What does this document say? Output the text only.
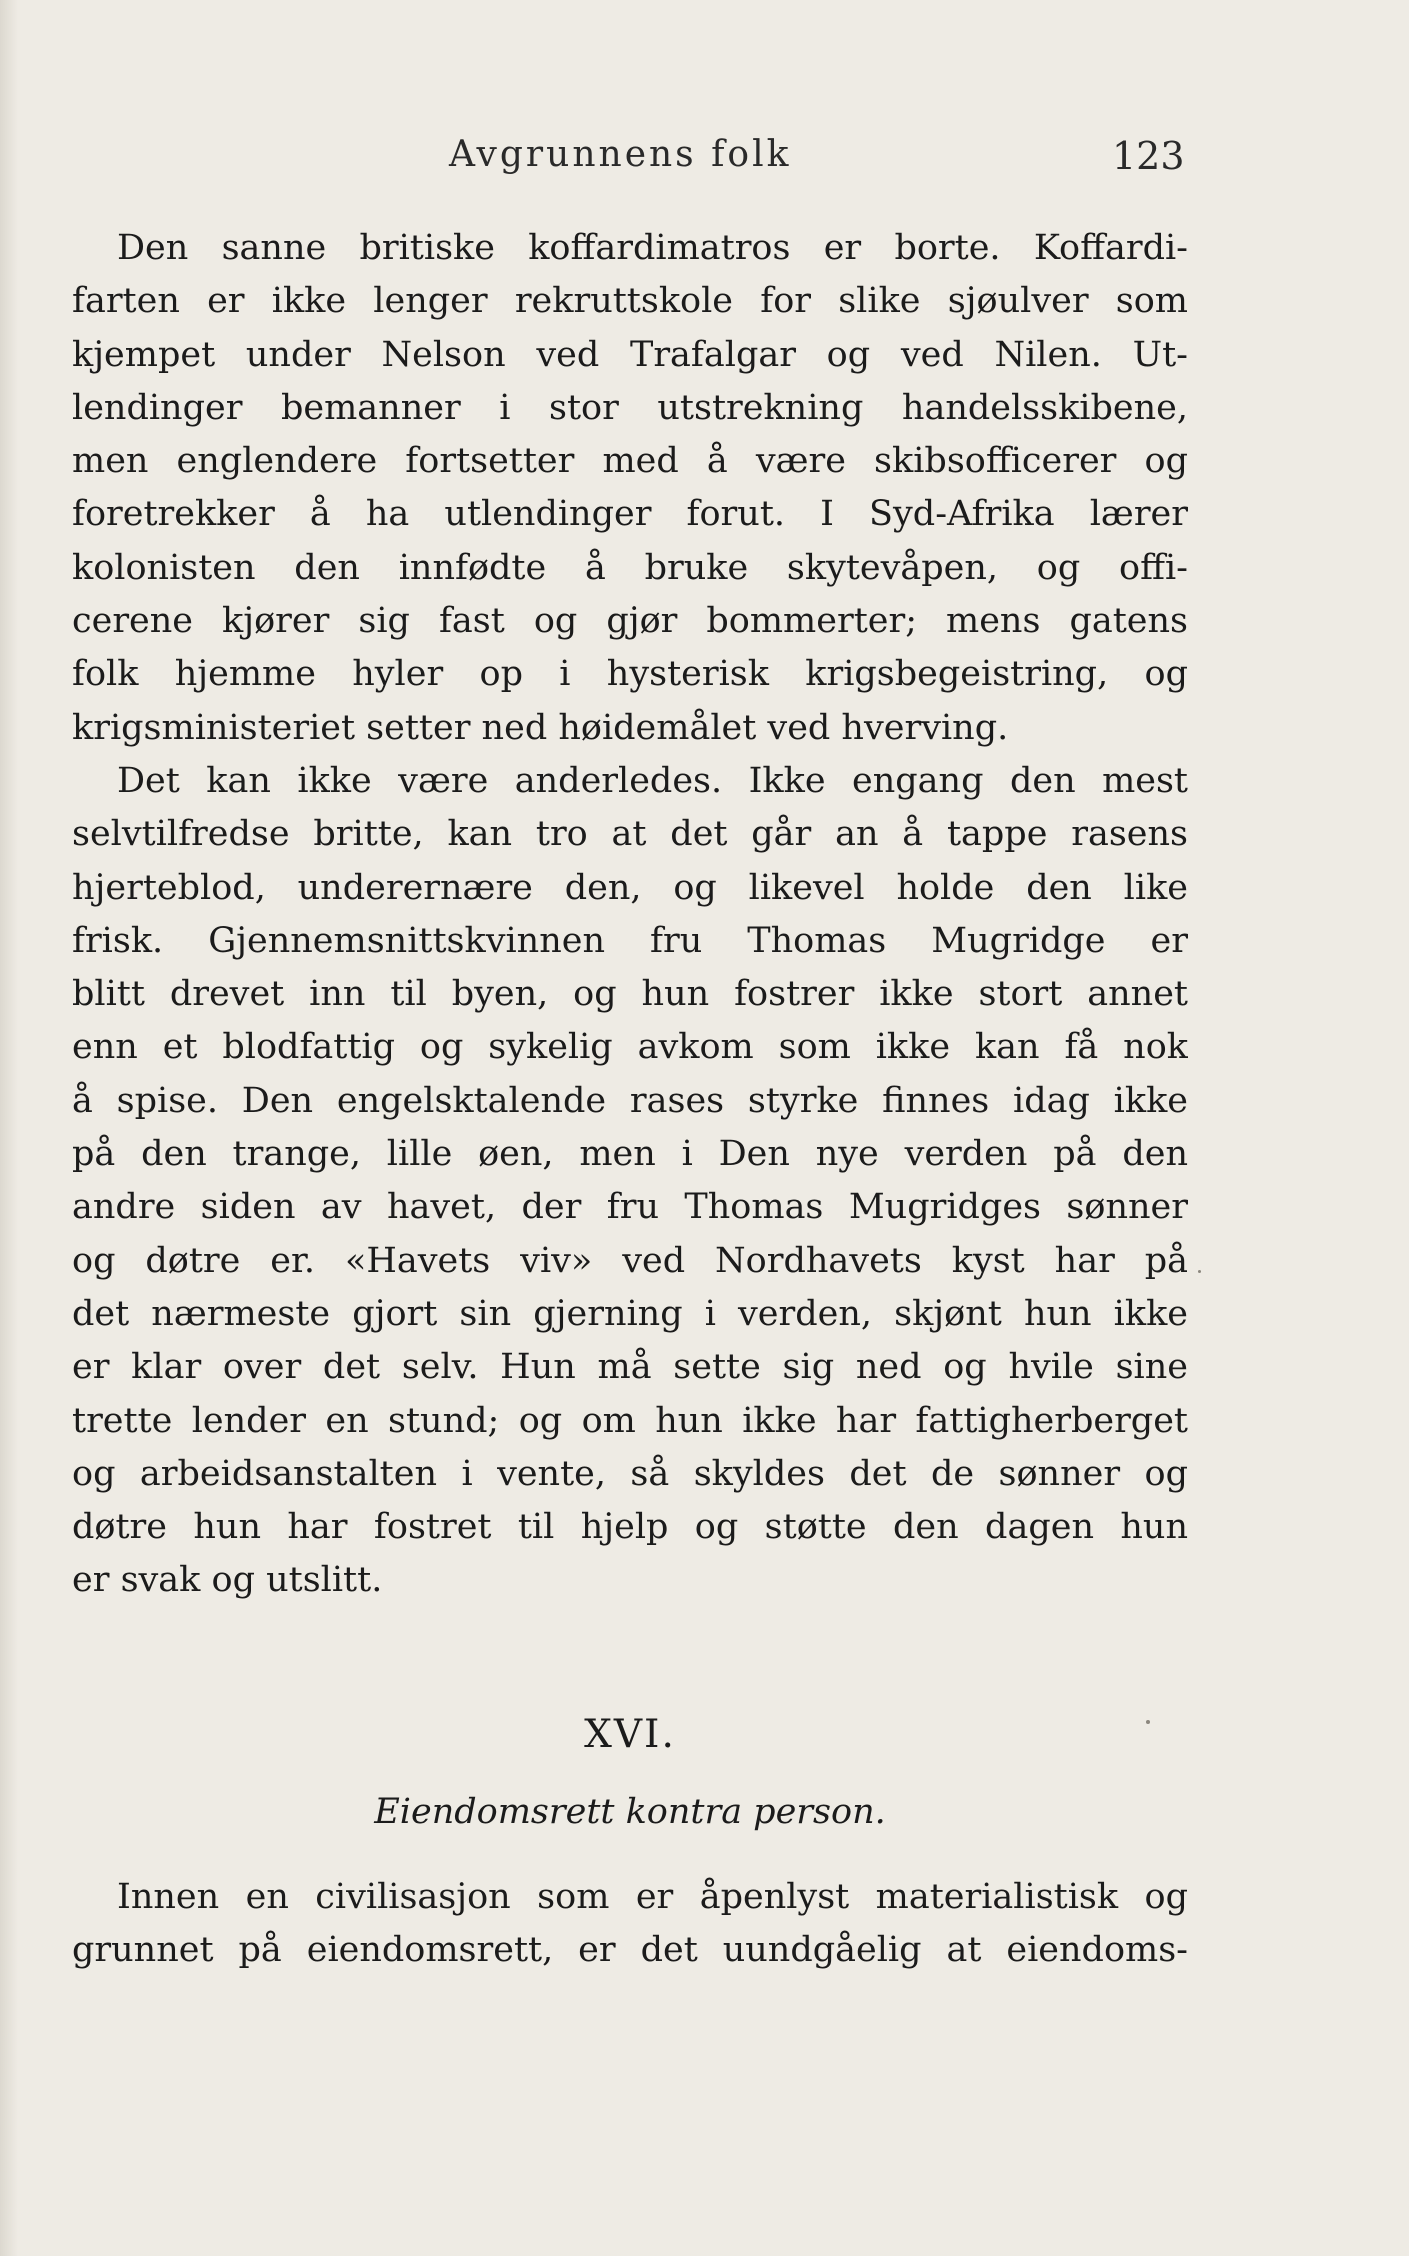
Avgrunnens folk	123
Den sanne britiske koffardimatros er borte. Koffardi-
farten er ikke lenger rekruttskole for slike sjøulver som
kjempet under Nelson ved Trafalgar og ved Nilen. Ut-
lendinger bemanner i stor utstrekning handelsskibene,
men englendere fortsetter med å være skibsofficerer og
foretrekker å ha utlendinger forut. I Syd-Afrika lærer
kolonisten den innfødte å bruke skytevåpen, og offi-
cerene kjører sig fast og gjør bommerter; mens gatens
folk hjemme hyler op i hysterisk krigsbegeistring, og
krigsministeriet setter ned høidemålet ved hverving.
Det kan ikke være anderledes. Ikke engang den mest
selvtilfredse britte, kan tro at det går an å tappe rasens
hjerteblod, underernære den, og likevel holde den like
frisk. Gjennemsnittskvinnen fru Thomas Mugridge er
blitt drevet inn til byen, og hun fostrer ikke stort annet
enn et blodfattig og sykelig avkom som ikke kan få nok
å spise. Den engelsktalende rases styrke finnes idag ikke
på den trange, lille øen, men i Den nye verden på den
andre siden av havet, der fru Thomas Mugridges sønner
og døtre er. «Havets viv» ved Nordhavets kyst har på
det nærmeste gjort sin gjerning i verden, skjønt hun ikke
er klar over det selv. Hun må sette sig ned og hvile sine
trette lender en stund; og om hun ikke har fattigherberget
og arbeidsanstalten i vente, så skyldes det de sønner og
døtre hun har fostret til hjelp og støtte den dagen hun
er svak og utslitt.
XVI.
Eiendomsrett kontra person.
Innen en civilisasjon som er åpenlyst materialistisk og
grunnet på eiendomsrett, er det uundgåelig at eiendoms-
